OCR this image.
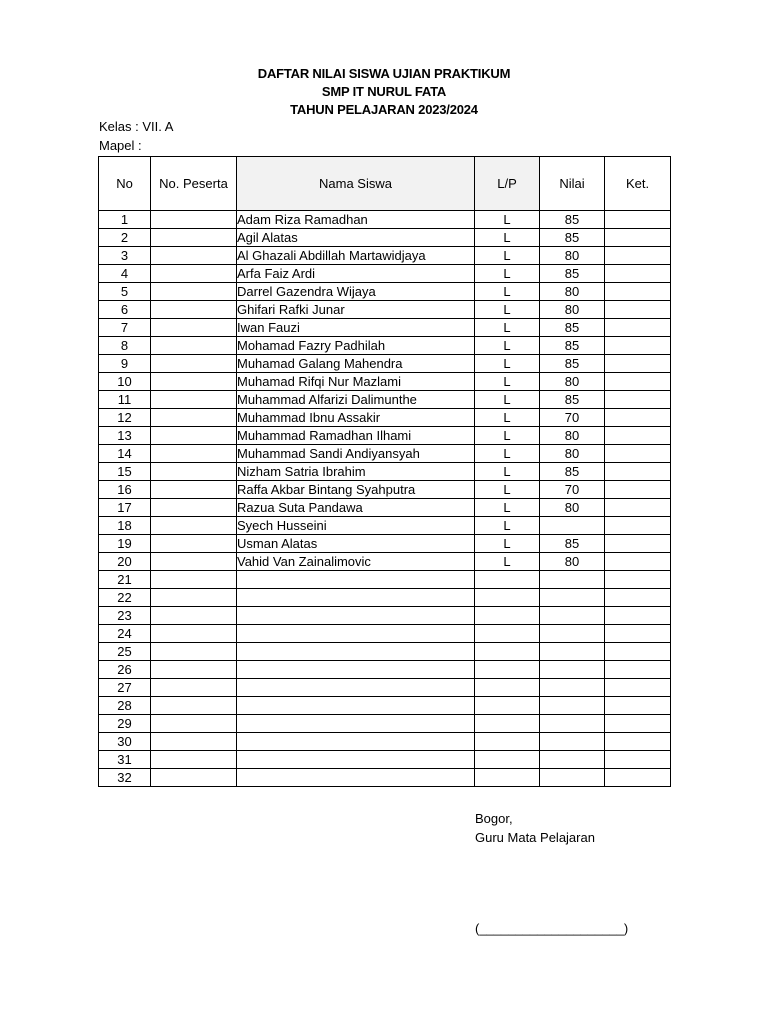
DAFTAR NILAI SISWA UJIAN PRAKTIKUM
SMP IT NURUL FATA
TAHUN PELAJARAN 2023/2024
Kelas : VII. A
Mapel :
No	No. Peserta	Nama Siswa	L/P	Nilai	Ket.
1		Adam Riza Ramadhan	L	85	
2		Agil Alatas	L	85	
3		Al Ghazali Abdillah Martawidjaya	L	80	
4		Arfa Faiz Ardi	L	85	
5		Darrel Gazendra Wijaya	L	80	
6		Ghifari Rafki Junar	L	80	
7		Iwan Fauzi	L	85	
8		Mohamad Fazry Padhilah	L	85	
9		Muhamad Galang Mahendra	L	85	
10		Muhamad Rifqi Nur Mazlami	L	80	
11		Muhammad Alfarizi Dalimunthe	L	85	
12		Muhammad Ibnu Assakir	L	70	
13		Muhammad Ramadhan Ilhami	L	80	
14		Muhammad Sandi Andiyansyah	L	80	
15		Nizham Satria Ibrahim	L	85	
16		Raffa Akbar Bintang Syahputra	L	70	
17		Razua Suta Pandawa	L	80	
18		Syech Husseini	L		
19		Usman Alatas	L	85	
20		Vahid Van Zainalimovic	L	80	
21					
22					
23					
24					
25					
26					
27					
28					
29					
30					
31					
32					
Bogor,
Guru Mata Pelajaran
(____________________)
